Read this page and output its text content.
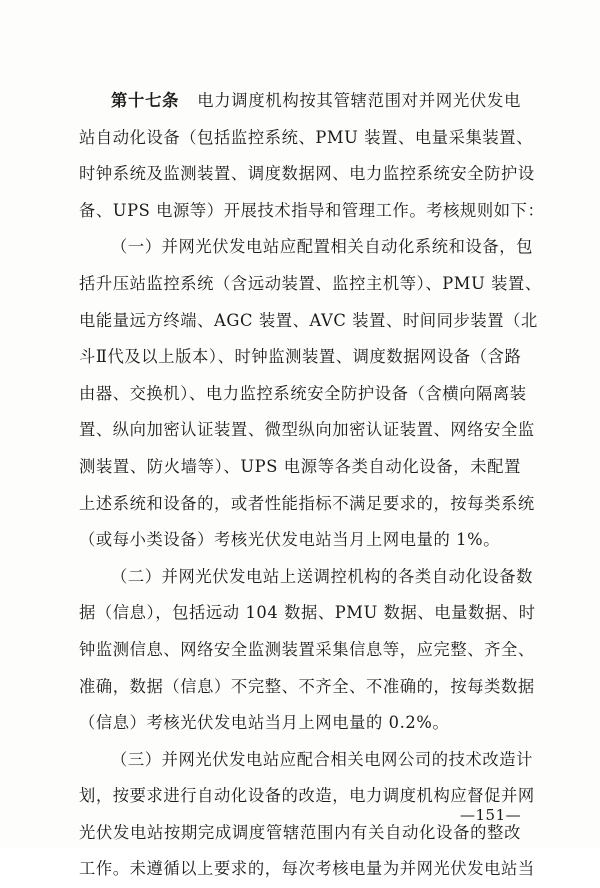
第十七条 电力调度机构按其管辖范围对并网光伏发电
站自动化设备（包括监控系统、PMU 装置、电量采集装置、
时钟系统及监测装置、调度数据网、电力监控系统安全防护设
备、UPS 电源等）开展技术指导和管理工作。考核规则如下：
（一）并网光伏发电站应配置相关自动化系统和设备，包
括升压站监控系统（含远动装置、监控主机等）、PMU 装置、
电能量远方终端、AGC 装置、AVC 装置、时间同步装置（北
斗Ⅱ代及以上版本）、时钟监测装置、调度数据网设备（含路
由器、交换机）、电力监控系统安全防护设备（含横向隔离装
置、纵向加密认证装置、微型纵向加密认证装置、网络安全监
测装置、防火墙等）、UPS 电源等各类自动化设备，未配置
上述系统和设备的，或者性能指标不满足要求的，按每类系统
（或每小类设备）考核光伏发电站当月上网电量的 1%。
（二）并网光伏发电站上送调控机构的各类自动化设备数
据（信息），包括远动 104 数据、PMU 数据、电量数据、时
钟监测信息、网络安全监测装置采集信息等，应完整、齐全、
准确，数据（信息）不完整、不齐全、不准确的，按每类数据
（信息）考核光伏发电站当月上网电量的 0.2%。
（三）并网光伏发电站应配合相关电网公司的技术改造计
划，按要求进行自动化设备的改造，电力调度机构应督促并网
光伏发电站按期完成调度管辖范围内有关自动化设备的整改
工作。未遵循以上要求的，每次考核电量为并网光伏发电站当
—151—
